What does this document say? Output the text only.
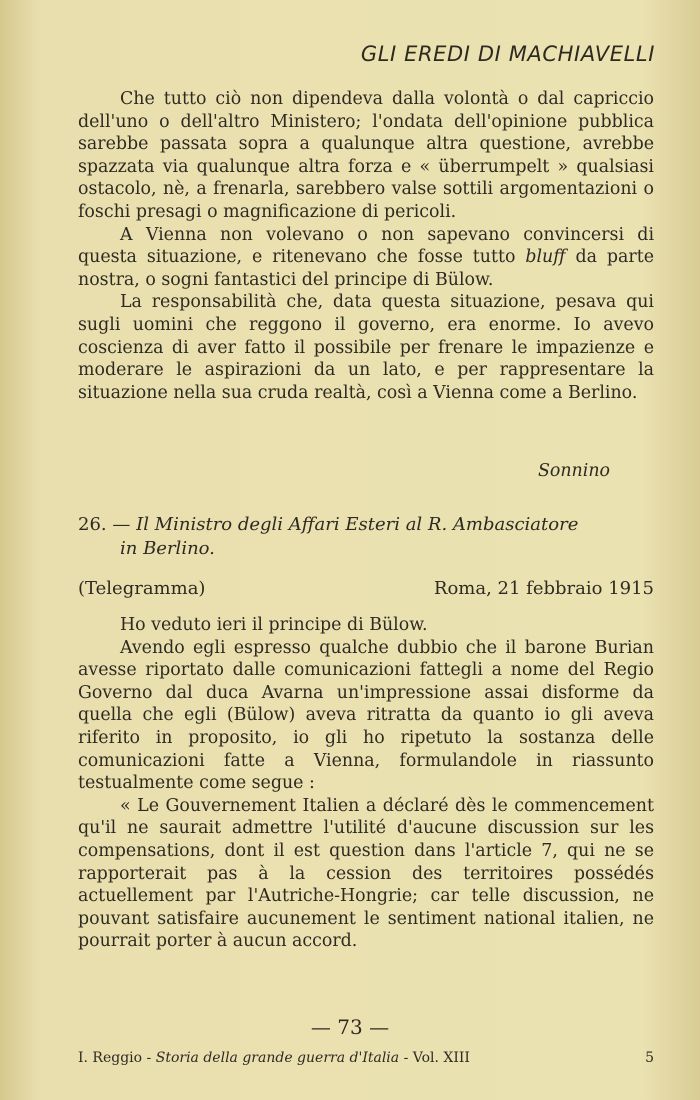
GLI EREDI DI MACHIAVELLI

Che tutto ciò non dipendeva dalla volontà o dal capriccio dell'uno o dell'altro Ministero; l'ondata dell'opinione pubblica sarebbe passata sopra a qualunque altra questione, avrebbe spazzata via qualunque altra forza e « überrumpelt » qualsiasi ostacolo, nè, a frenarla, sarebbero valse sottili argomentazioni o foschi presagi o magnificazione di pericoli.

A Vienna non volevano o non sapevano convincersi di questa situazione, e ritenevano che fosse tutto bluff da parte nostra, o sogni fantastici del principe di Bülow.

La responsabilità che, data questa situazione, pesava qui sugli uomini che reggono il governo, era enorme. Io avevo coscienza di aver fatto il possibile per frenare le impazienze e moderare le aspirazioni da un lato, e per rappresentare la situazione nella sua cruda realtà, così a Vienna come a Berlino.

Sonnino
26. — Il Ministro degli Affari Esteri al R. Ambasciatore
in Berlino.
(Telegramma)	Roma, 21 febbraio 1915

Ho veduto ieri il principe di Bülow.

Avendo egli espresso qualche dubbio che il barone Burian avesse riportato dalle comunicazioni fattegli a nome del Regio Governo dal duca Avarna un'impressione assai disforme da quella che egli (Bülow) aveva ritratta da quanto io gli aveva riferito in proposito, io gli ho ripetuto la sostanza delle comunicazioni fatte a Vienna, formulandole in riassunto testualmente come segue :

« Le Gouvernement Italien a déclaré dès le commencement qu'il ne saurait admettre l'utilité d'aucune discussion sur les compensations, dont il est question dans l'article 7, qui ne se rapporterait pas à la cession des territoires possédés actuellement par l'Autriche-Hongrie; car telle discussion, ne pouvant satisfaire aucunement le sentiment national italien, ne pourrait porter à aucun accord.

— 73 —
I. Reggio - Storia della grande guerra d'Italia - Vol. XIII	5
